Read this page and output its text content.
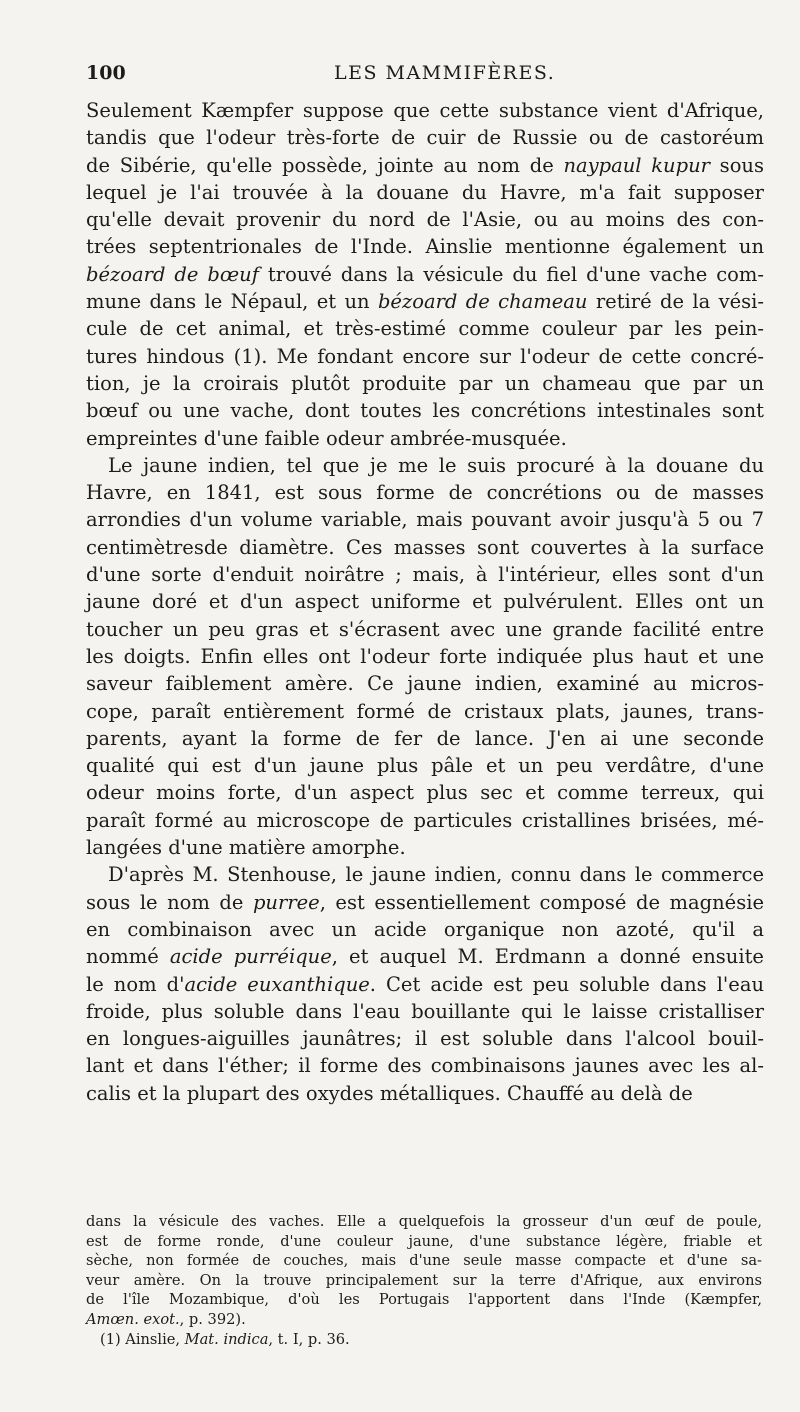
100	LES MAMMIFÈRES.
Seulement Kæmpfer suppose que cette substance vient d'Afrique,
tandis que l'odeur très-forte de cuir de Russie ou de castoréum
de Sibérie, qu'elle possède, jointe au nom de naypaul kupur sous
lequel je l'ai trouvée à la douane du Havre, m'a fait supposer
qu'elle devait provenir du nord de l'Asie, ou au moins des con-
trées septentrionales de l'Inde. Ainslie mentionne également un
bézoard de bœuf trouvé dans la vésicule du fiel d'une vache com-
mune dans le Népaul, et un bézoard de chameau retiré de la vési-
cule de cet animal, et très-estimé comme couleur par les pein-
tures hindous (1). Me fondant encore sur l'odeur de cette concré-
tion, je la croirais plutôt produite par un chameau que par un
bœuf ou une vache, dont toutes les concrétions intestinales sont
empreintes d'une faible odeur ambrée-musquée.
Le jaune indien, tel que je me le suis procuré à la douane du
Havre, en 1841, est sous forme de concrétions ou de masses
arrondies d'un volume variable, mais pouvant avoir jusqu'à 5 ou 7
centimètresde diamètre. Ces masses sont couvertes à la surface
d'une sorte d'enduit noirâtre ; mais, à l'intérieur, elles sont d'un
jaune doré et d'un aspect uniforme et pulvérulent. Elles ont un
toucher un peu gras et s'écrasent avec une grande facilité entre
les doigts. Enfin elles ont l'odeur forte indiquée plus haut et une
saveur faiblement amère. Ce jaune indien, examiné au micros-
cope, paraît entièrement formé de cristaux plats, jaunes, trans-
parents, ayant la forme de fer de lance. J'en ai une seconde
qualité qui est d'un jaune plus pâle et un peu verdâtre, d'une
odeur moins forte, d'un aspect plus sec et comme terreux, qui
paraît formé au microscope de particules cristallines brisées, mé-
langées d'une matière amorphe.
D'après M. Stenhouse, le jaune indien, connu dans le commerce
sous le nom de purree, est essentiellement composé de magnésie
en combinaison avec un acide organique non azoté, qu'il a
nommé acide purréique, et auquel M. Erdmann a donné ensuite
le nom d'acide euxanthique. Cet acide est peu soluble dans l'eau
froide, plus soluble dans l'eau bouillante qui le laisse cristalliser
en longues-aiguilles jaunâtres; il est soluble dans l'alcool bouil-
lant et dans l'éther; il forme des combinaisons jaunes avec les al-
calis et la plupart des oxydes métalliques. Chauffé au delà de
dans la vésicule des vaches. Elle a quelquefois la grosseur d'un œuf de poule,
est de forme ronde, d'une couleur jaune, d'une substance légère, friable et
sèche, non formée de couches, mais d'une seule masse compacte et d'une sa-
veur amère. On la trouve principalement sur la terre d'Afrique, aux environs
de l'île Mozambique, d'où les Portugais l'apportent dans l'Inde (Kæmpfer,
Amœn. exot., p. 392).
(1) Ainslie, Mat. indica, t. I, p. 36.
